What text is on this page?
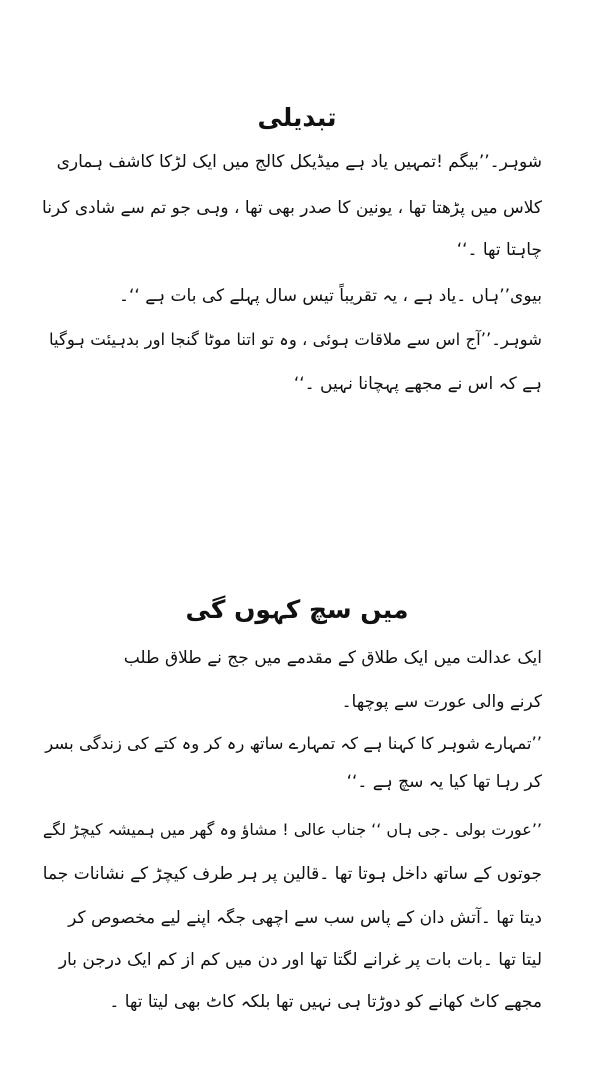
تبدیلی
شوہر۔’’بیگم !تمہیں یاد ہے میڈیکل کالج میں ایک لڑکا کاشف ہماری
کلاس میں پڑھتا تھا ، یونین کا صدر بھی تھا ، وہی جو تم سے شادی کرنا
چاہتا تھا ۔‘‘
بیوی’’ہاں ۔یاد ہے ، یہ تقریباً تیس سال پہلے کی بات ہے ‘‘۔
شوہر۔’’آج اس سے ملاقات ہوئی ، وہ تو اتنا موٹا گنجا اور بدہیئت ہوگیا
ہے کہ اس نے مجھے پہچانا نہیں ۔‘‘
میں سچ کہوں گی
ایک عدالت میں ایک طلاق کے مقدمے میں جج نے طلاق طلب
کرنے والی عورت سے پوچھا۔
’’تمہارے شوہر کا کہنا ہے کہ تمہارے ساتھ رہ کر وہ کتے کی زندگی بسر
کر رہا تھا کیا یہ سچ ہے ۔‘‘
’’عورت بولی ۔جی ہاں ‘‘ جناب عالی ! مشاؤ وہ گھر میں ہمیشہ کیچڑ لگے
جوتوں کے ساتھ داخل ہوتا تھا ۔قالین پر ہر طرف کیچڑ کے نشانات جما
دیتا تھا ۔آتش دان کے پاس سب سے اچھی جگہ اپنے لیے مخصوص کر
لیتا تھا ۔بات بات پر غرانے لگتا تھا اور دن میں کم از کم ایک درجن بار
مجھے کاٹ کھانے کو دوڑتا ہی نہیں تھا بلکہ کاٹ بھی لیتا تھا ۔
